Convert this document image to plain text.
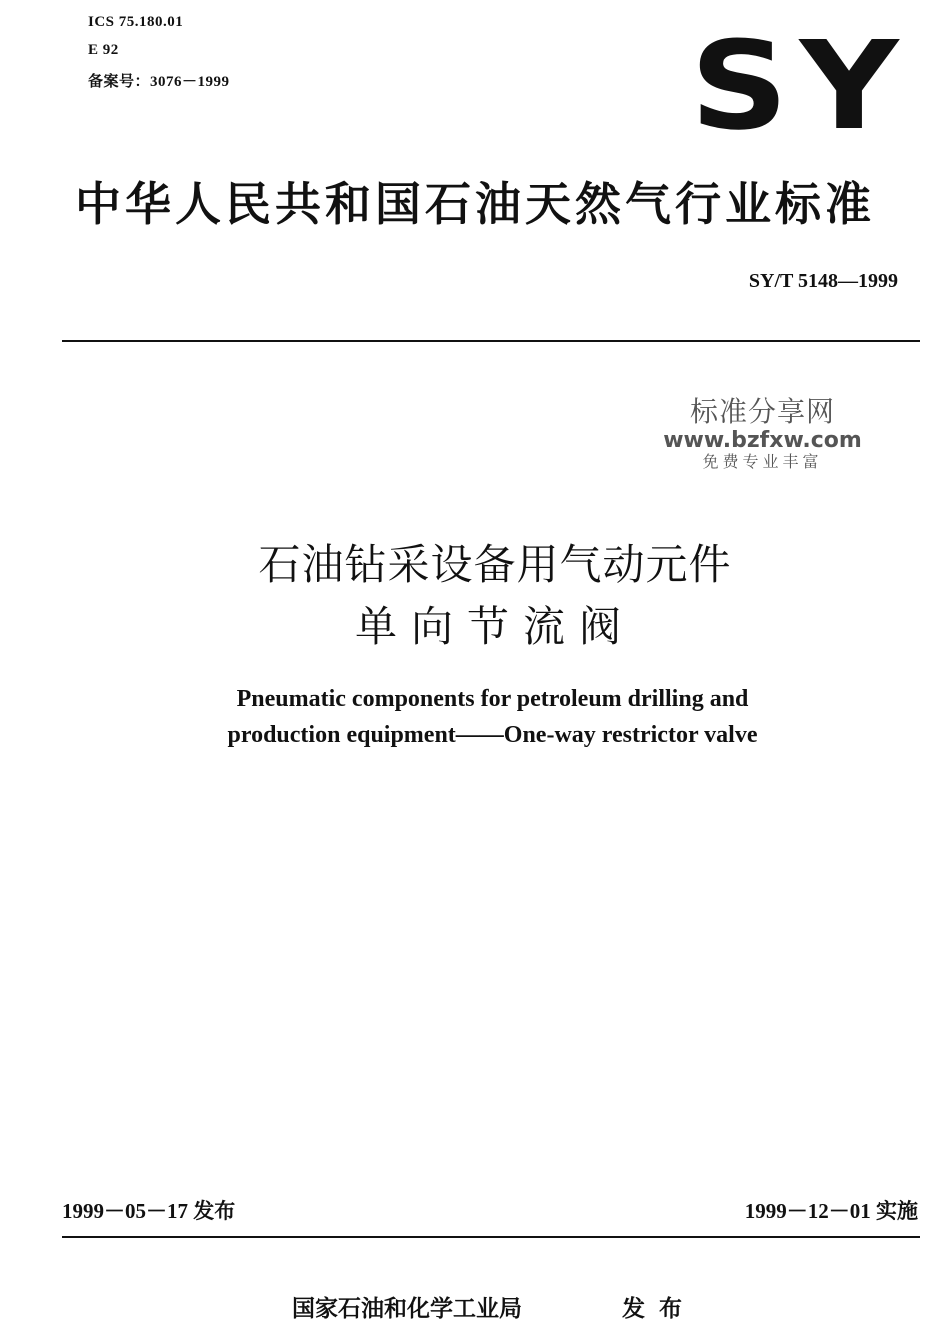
ICS 75.180.01
E 92
备案号：3076－1999	SY
中华人民共和国石油天然气行业标准
SY/T 5148—1999
标准分享网
www.bzfxw.com
免费专业丰富
石油钻采设备用气动元件
单向节流阀
Pneumatic components for petroleum drilling and
production equipment——One-way restrictor valve
1999－05－17 发布	1999－12－01 实施
国家石油和化学工业局	发布
